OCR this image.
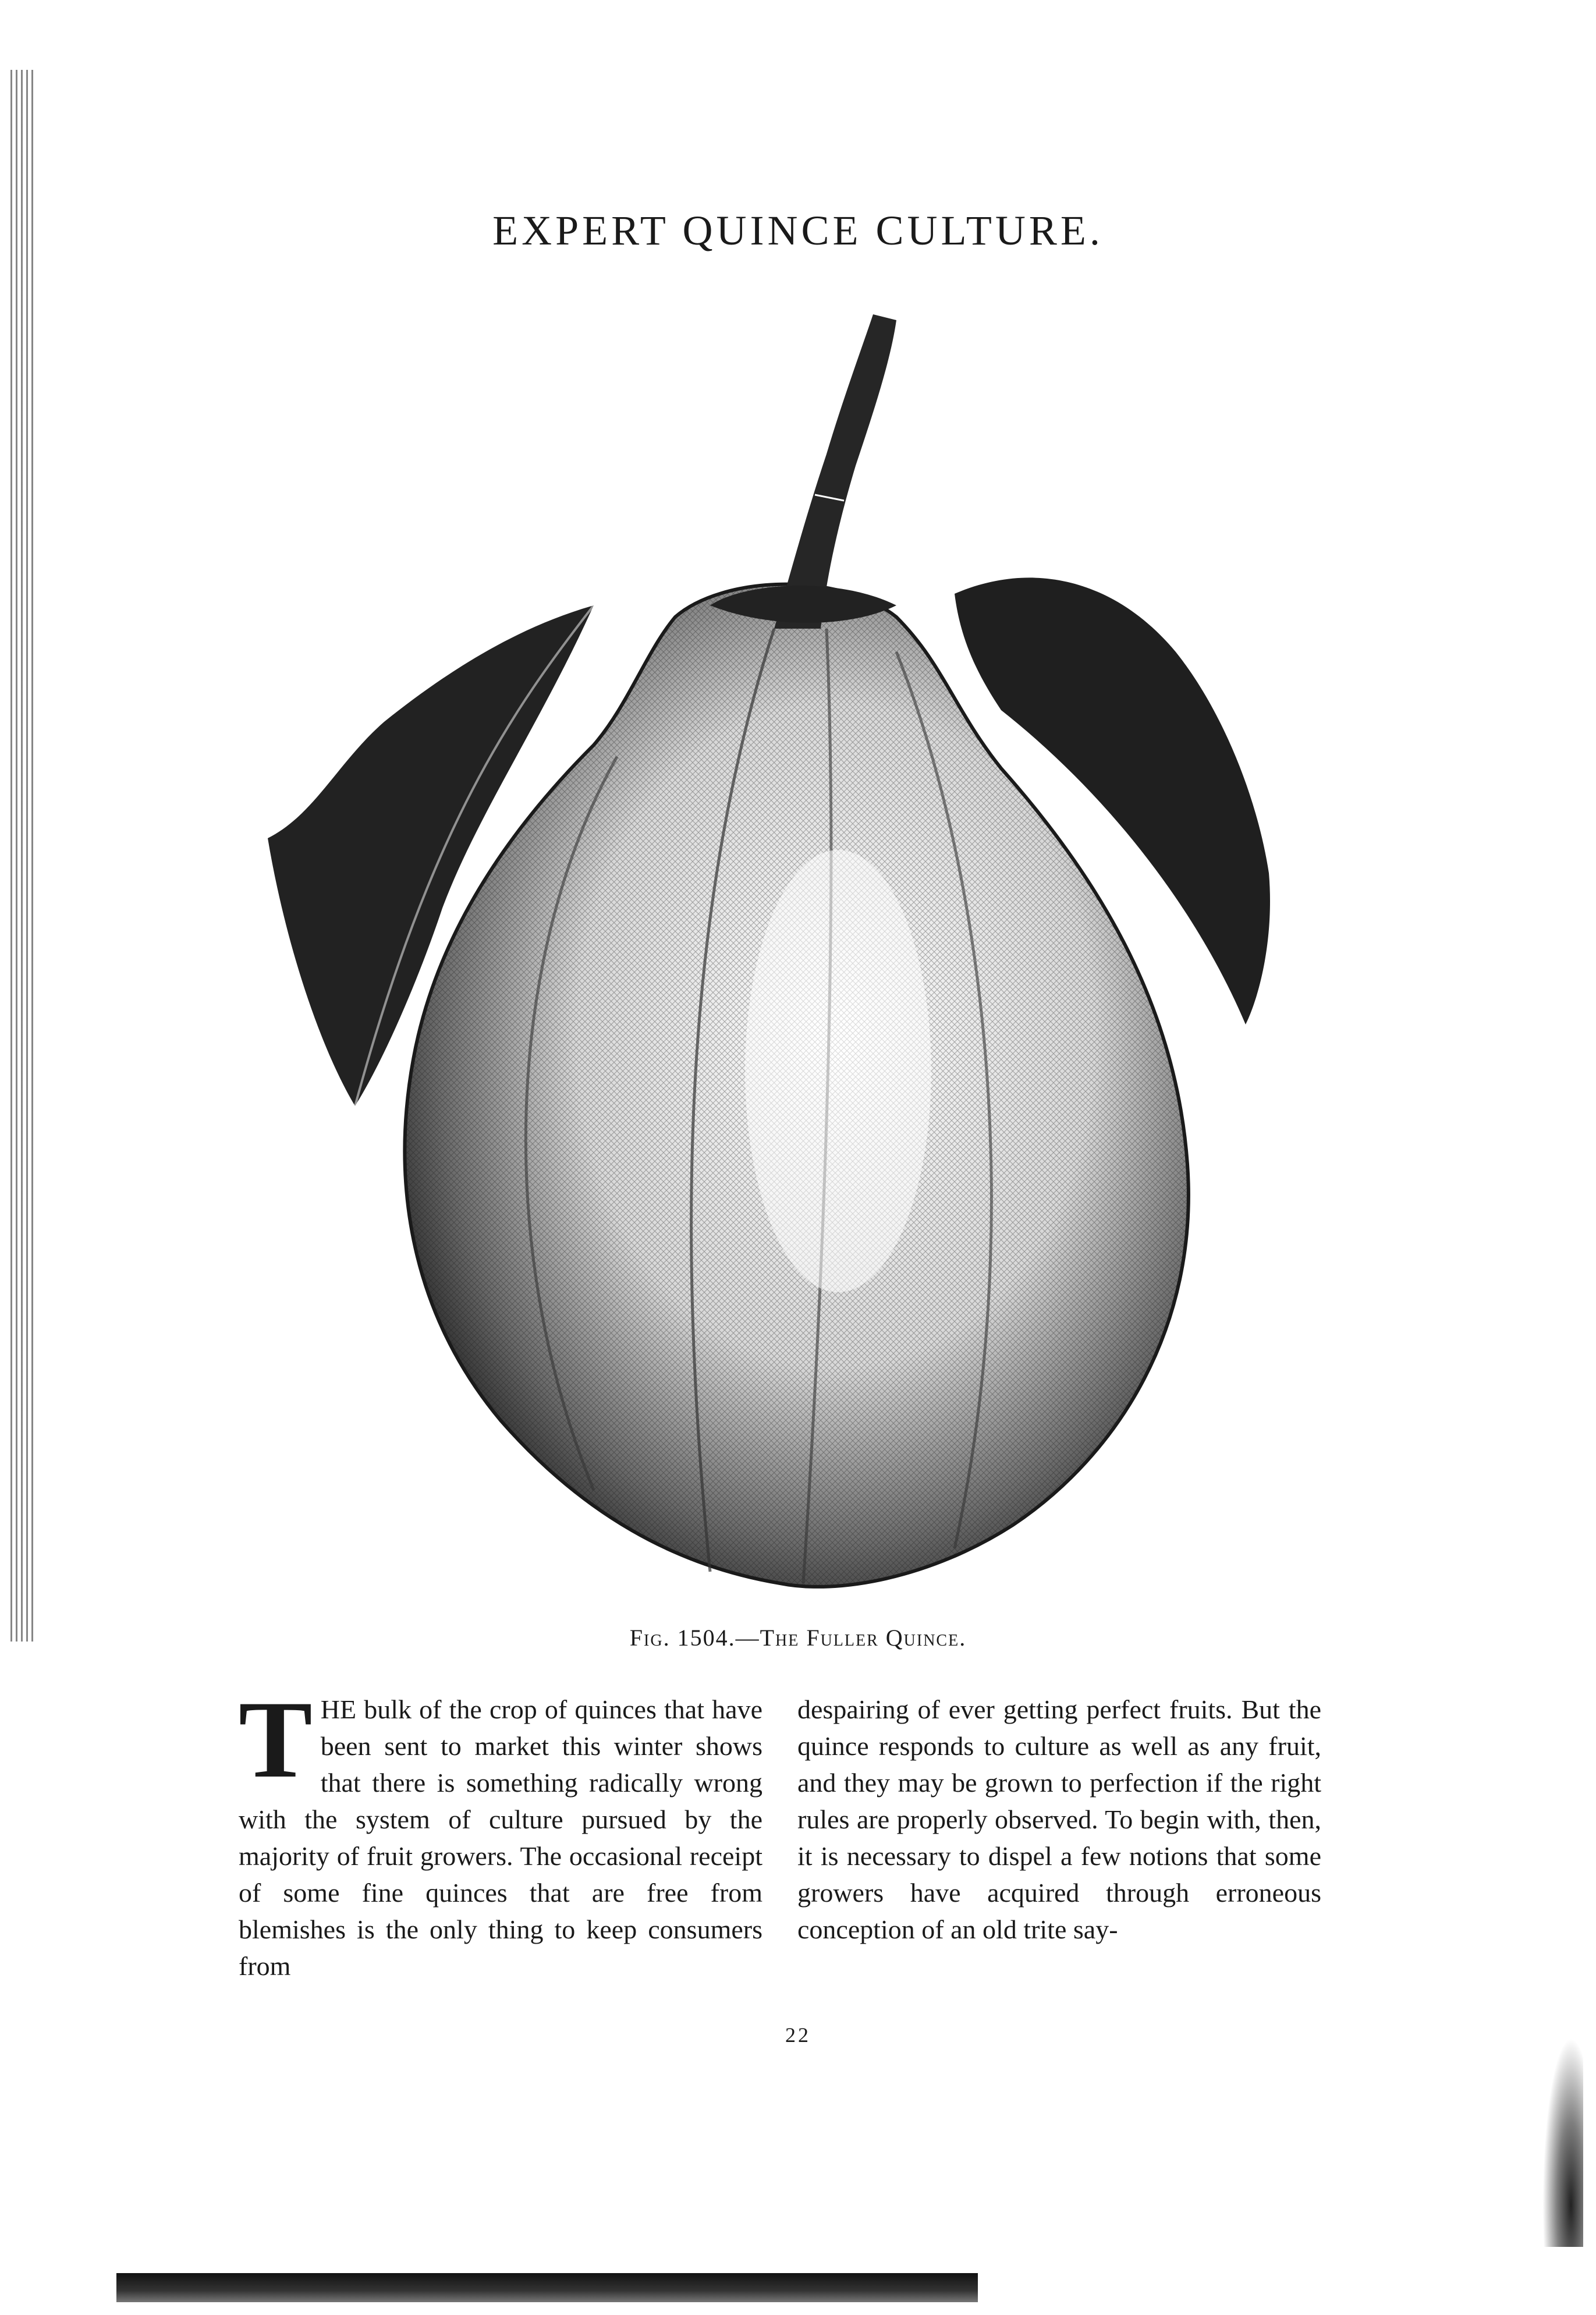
EXPERT QUINCE CULTURE.

Fig. 1504.—The Fuller Quince.

T HE bulk of the crop of quinces that have been sent to market this winter shows that there is something radically wrong with the system of culture pursued by the majority of fruit growers. The occasional receipt of some fine quinces that are free from blemishes is the only thing to keep consumers from
despairing of ever getting perfect fruits. But the quince responds to culture as well as any fruit, and they may be grown to perfection if the right rules are properly observed. To begin with, then, it is necessary to dispel a few notions that some growers have acquired through erroneous conception of an old trite say-

22
